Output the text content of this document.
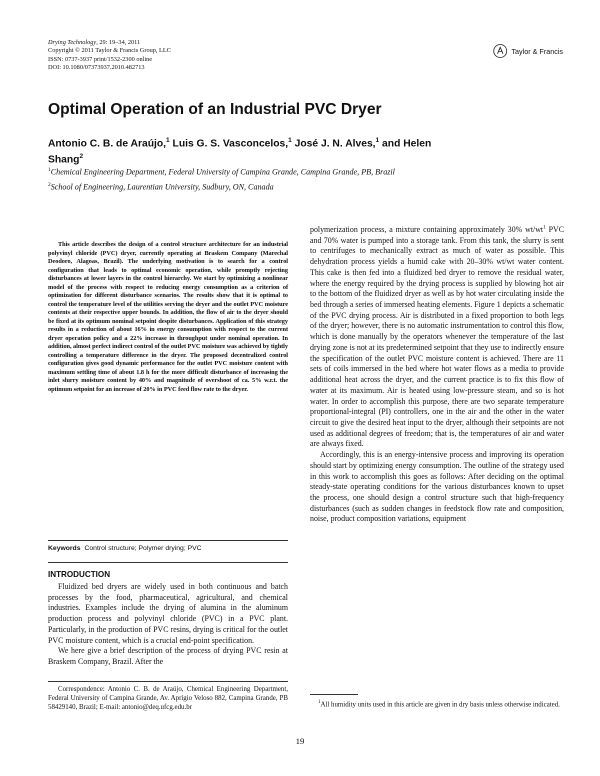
Drying Technology, 29: 19–34, 2011
Copyright © 2011 Taylor & Francis Group, LLC
ISSN: 0737-3937 print/1532-2300 online
DOI: 10.1080/07373937.2010.482713
Taylor & Francis
Optimal Operation of an Industrial PVC Dryer
Antonio C. B. de Araújo,$^1$ Luis G. S. Vasconcelos,$^1$ José J. N. Alves,$^1$ and Helen Shang$^2$
$^1$Chemical Engineering Department, Federal University of Campina Grande, Campina Grande, PB, Brazil
$^2$School of Engineering, Laurentian University, Sudbury, ON, Canada
This article describes the design of a control structure architecture for an industrial polyvinyl chloride (PVC) dryer, currently operating at Braskem Company (Marechal Deodoro, Alagoas, Brazil). The underlying motivation is to search for a control configuration that leads to optimal economic operation, while promptly rejecting disturbances at lower layers in the control hierarchy. We start by optimizing a nonlinear model of the process with respect to reducing energy consumption as a criterion of optimization for different disturbance scenarios. The results show that it is optimal to control the temperature level of the utilities serving the dryer and the outlet PVC moisture contents at their respective upper bounds. In addition, the flow of air to the dryer should be fixed at its optimum nominal setpoint despite disturbances. Application of this strategy results in a reduction of about 16% in energy consumption with respect to the current dryer operation policy and a 22% increase in throughput under nominal operation. In addition, almost perfect indirect control of the outlet PVC moisture was achieved by tightly controlling a temperature difference in the dryer. The proposed decentralized control configuration gives good dynamic performance for the outlet PVC moisture content with maximum settling time of about 1.8 h for the more difficult disturbance of increasing the inlet slurry moisture content by 40% and magnitude of overshoot of ca. 5% w.r.t. the optimum setpoint for an increase of 20% in PVC feed flow rate to the dryer.
Keywords Control structure; Polymer drying; PVC
INTRODUCTION

Fluidized bed dryers are widely used in both continuous and batch processes by the food, pharmaceutical, agricultural, and chemical industries. Examples include the drying of alumina in the aluminum production process and polyvinyl chloride (PVC) in a PVC plant. Particularly, in the production of PVC resins, drying is critical for the outlet PVC moisture content, which is a crucial end-point specification.

We here give a brief description of the process of drying PVC resin at Braskem Company, Brazil. After the

Correspondence: Antonio C. B. de Araújo, Chemical Engineering Department, Federal University of Campina Grande, Av. Aprígio Veloso 882, Campina Grande, PB 58429140, Brazil; E-mail: antonio@deq.ufcg.edu.br

polymerization process, a mixture containing approximately 30% $wt/wt^1$ PVC and 70% water is pumped into a storage tank. From this tank, the slurry is sent to centrifuges to mechanically extract as much of water as possible. This dehydration process yields a humid cake with 20–30% wt/wt water content. This cake is then fed into a fluidized bed dryer to remove the residual water, where the energy required by the drying process is supplied by blowing hot air to the bottom of the fluidized dryer as well as by hot water circulating inside the bed through a series of immersed heating elements. Figure 1 depicts a schematic of the PVC drying process. Air is distributed in a fixed proportion to both legs of the dryer; however, there is no automatic instrumentation to control this flow, which is done manually by the operators whenever the temperature of the last drying zone is not at its predetermined setpoint that they use to indirectly ensure the specification of the outlet PVC moisture content is achieved. There are 11 sets of coils immersed in the bed where hot water flows as a media to provide additional heat across the dryer, and the current practice is to fix this flow of water at its maximum. Air is heated using low-pressure steam, and so is hot water. In order to accomplish this purpose, there are two separate temperature proportional-integral (PI) controllers, one in the air and the other in the water circuit to give the desired heat input to the dryer, although their setpoints are not used as additional degrees of freedom; that is, the temperatures of air and water are always fixed.

Accordingly, this is an energy-intensive process and improving its operation should start by optimizing energy consumption. The outline of the strategy used in this work to accomplish this goes as follows: After deciding on the optimal steady-state operating conditions for the various disturbances known to upset the process, one should design a control structure such that high-frequency disturbances (such as sudden changes in feedstock flow rate and composition, noise, product composition variations, equipment

$^1$All humidity units used in this article are given in dry basis unless otherwise indicated.
19
